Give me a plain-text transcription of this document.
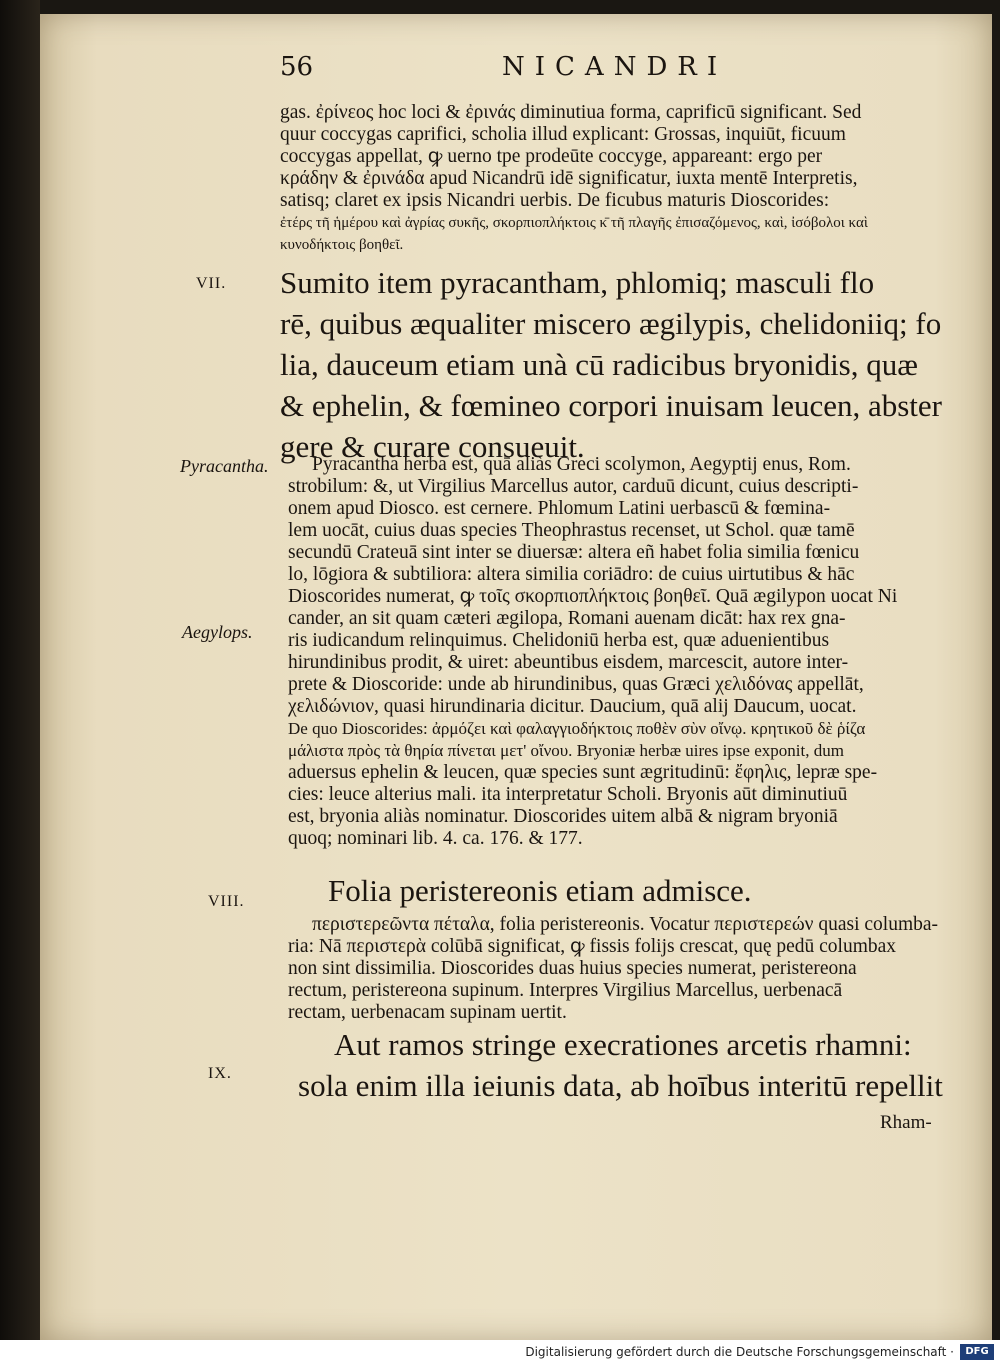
56	NICANDRI
gas. ἐρίνεος hoc loci & ἐρινάς diminutiua forma, caprificū significant. Sed
quur coccygas caprifici, scholia illud explicant: Grossas, inquiūt, ficuum
coccygas appellat, ꝙ uerno tpe prodeūte coccyge, appareant: ergo per
κράδην & ἐρινάδα apud Nicandrū idē significatur, iuxta mentē Interpretis,
satisq; claret ex ipsis Nicandri uerbis. De ficubus maturis Dioscorides:
ἐτέρς τῆ ἡμέρου καὶ ἀγρίας συκῆς, σκορπιοπλήκτοις κ̄ τῆ πλαγῆς ἐπισαζόμενος, καὶ, ἰσόβολοι καὶ
κυνοδήκτοις βοηθεῖ.
VII. Sumito item pyracantham, phlomiq; masculi flo
rē, quibus æqualiter miscero ægilypis, chelidoniiq; fo
lia, dauceum etiam unà cū radicibus bryonidis, quæ
& ephelin, & fœmineo corpori inuisam leucen, abster
gere & curare consueuit.
Pyracantha.
Aegylops.
Pyracantha herba est, quā aliàs Greci scolymon, Aegyptij enus, Rom.
strobilum: &, ut Virgilius Marcellus autor, carduū dicunt, cuius descripti-
onem apud Diosco. est cernere. Phlomum Latini uerbascū & fœmina-
lem uocāt, cuius duas species Theophrastus recenset, ut Schol. quæ tamē
secundū Crateuā sint inter se diuersæ: altera eñ habet folia similia fœnicu
lo, lōgiora & subtiliora: altera similia coriādro: de cuius uirtutibus & hāc
Dioscorides numerat, ꝙ τοῖς σκορπιοπλήκτοις βοηθεῖ. Quā ægilypon uocat Ni
cander, an sit quam cæteri ægilopa, Romani auenam dicāt: hax rex gna-
ris iudicandum relinquimus. Chelidoniū herba est, quæ aduenientibus
hirundinibus prodit, & uiret: abeuntibus eisdem, marcescit, autore inter-
prete & Dioscoride: unde ab hirundinibus, quas Græci χελιδόνας appellāt,
χελιδώνιον, quasi hirundinaria dicitur. Daucium, quā alij Daucum, uocat.
De quo Dioscorides: ἀρμόζει καὶ φαλαγγιοδήκτοις ποθὲν σὺν οἴνῳ. κρητικοῦ δὲ ῥίζα
μάλιστα πρὸς τὰ θηρία πίνεται μετ' οἴνου. Bryoniæ herbæ uires ipse exponit, dum
aduersus ephelin & leucen, quæ species sunt ægritudinū: ἔφηλις, lepræ spe-
cies: leuce alterius mali. ita interpretatur Scholi. Bryonis aūt diminutiuū
est, bryonia aliàs nominatur. Dioscorides uitem albā & nigram bryoniā
quoq; nominari lib. 4. ca. 176. & 177.
VIII.	Folia peristereonis etiam admisce.
περιστερεῶντα πέταλα, folia peristereonis. Vocatur περιστερεών quasi columba-
ria: Nā περιστερὰ colūbā significat, ꝙ fissis folijs crescat, quę pedū columbax
non sint dissimilia. Dioscorides duas huius species numerat, peristereona
rectum, peristereona supinum. Interpres Virgilius Marcellus, uerbenacā
rectam, uerbenacam supinam uertit.
IX.
Aut ramos stringe execrationes arcetis rhamni:
sola enim illa ieiunis data, ab hoībus interitū repellit
Rham-
Digitalisierung gefördert durch die Deutsche Forschungsgemeinschaft ·	DFG
